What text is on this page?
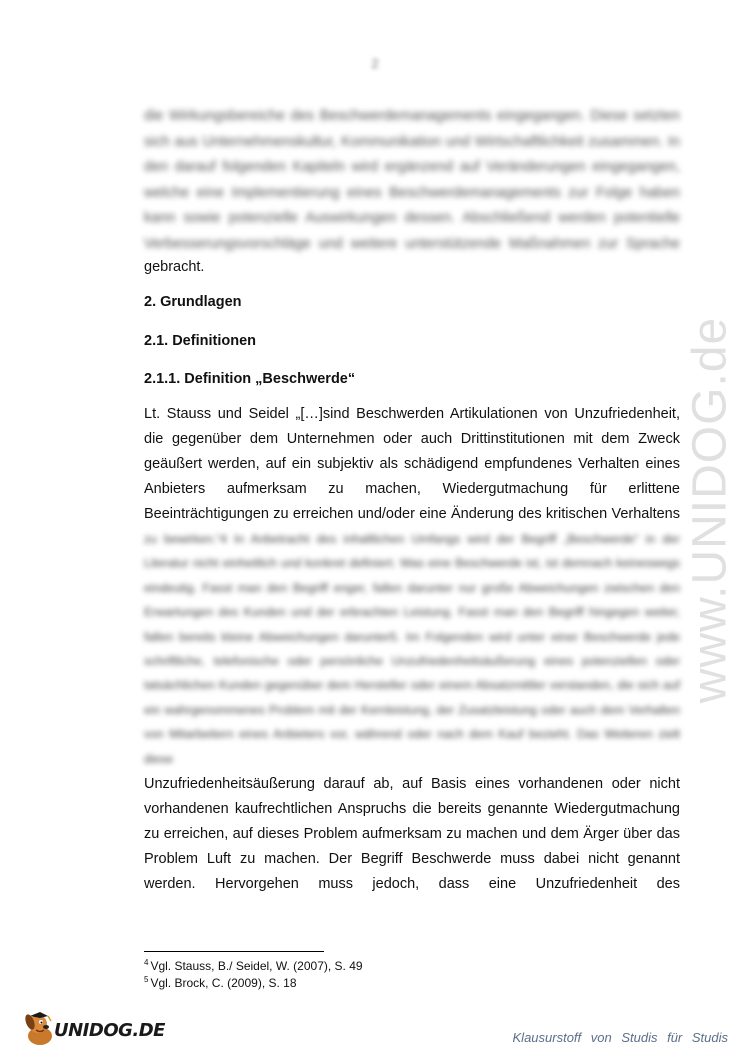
2

die Wirkungsbereiche des Beschwerdemanagements eingegangen. Diese setzten sich aus Unternehmenskultur, Kommunikation und Wirtschaftlichkeit zusammen. In den darauf folgenden Kapiteln wird ergänzend auf Veränderungen eingegangen, welche eine Implementierung eines Beschwerdemanagements zur Folge haben kann sowie potenzielle Auswirkungen dessen. Abschließend werden potentielle Verbesserungsvorschläge und weitere unterstützende Maßnahmen zur Sprache

gebracht.

2. Grundlagen
2.1. Definitionen
2.1.1. Definition „Beschwerde“

Lt. Stauss und Seidel „[…]sind Beschwerden Artikulationen von Unzufriedenheit, die gegenüber dem Unternehmen oder auch Drittinstitutionen mit dem Zweck geäußert werden, auf ein subjektiv als schädigend empfundenes Verhalten eines Anbieters aufmerksam zu machen, Wiedergutmachung für erlittene Beeinträchtigungen zu erreichen und/oder eine Änderung des kritischen Verhaltens

zu bewirken.“4 In Anbetracht des inhaltlichen Umfangs wird der Begriff „Beschwerde“ in der Literatur nicht einheitlich und konkret definiert. Was eine Beschwerde ist, ist demnach keineswegs eindeutig. Fasst man den Begriff enger, fallen darunter nur große Abweichungen zwischen den Erwartungen des Kunden und der erbrachten Leistung. Fasst man den Begriff hingegen weiter, fallen bereits kleine Abweichungen darunter5. Im Folgenden wird unter einer Beschwerde jede schriftliche, telefonische oder persönliche Unzufriedenheitsäußerung eines potenziellen oder tatsächlichen Kunden gegenüber dem Hersteller oder einem Absatzmittler verstanden, die sich auf ein wahrgenommenes Problem mit der Kernleistung, der Zusatzleistung oder auch dem Verhalten von Mitarbeitern eines Anbieters vor, während oder nach dem Kauf bezieht. Das Weiteren zielt diese

Unzufriedenheitsäußerung darauf ab, auf Basis eines vorhandenen oder nicht vorhandenen kaufrechtlichen Anspruchs die bereits genannte Wiedergutmachung zu erreichen, auf dieses Problem aufmerksam zu machen und dem Ärger über das Problem Luft zu machen. Der Begriff Beschwerde muss dabei nicht genannt werden. Hervorgehen muss jedoch, dass eine Unzufriedenheit des

www.UNIDOG.de
$^4$ Vgl. Stauss, B./ Seidel, W. (2007), S. 49
$^5$ Vgl. Brock, C. (2009), S. 18
UNIDOG.DE	Klausurstoff von Studis für Studis
